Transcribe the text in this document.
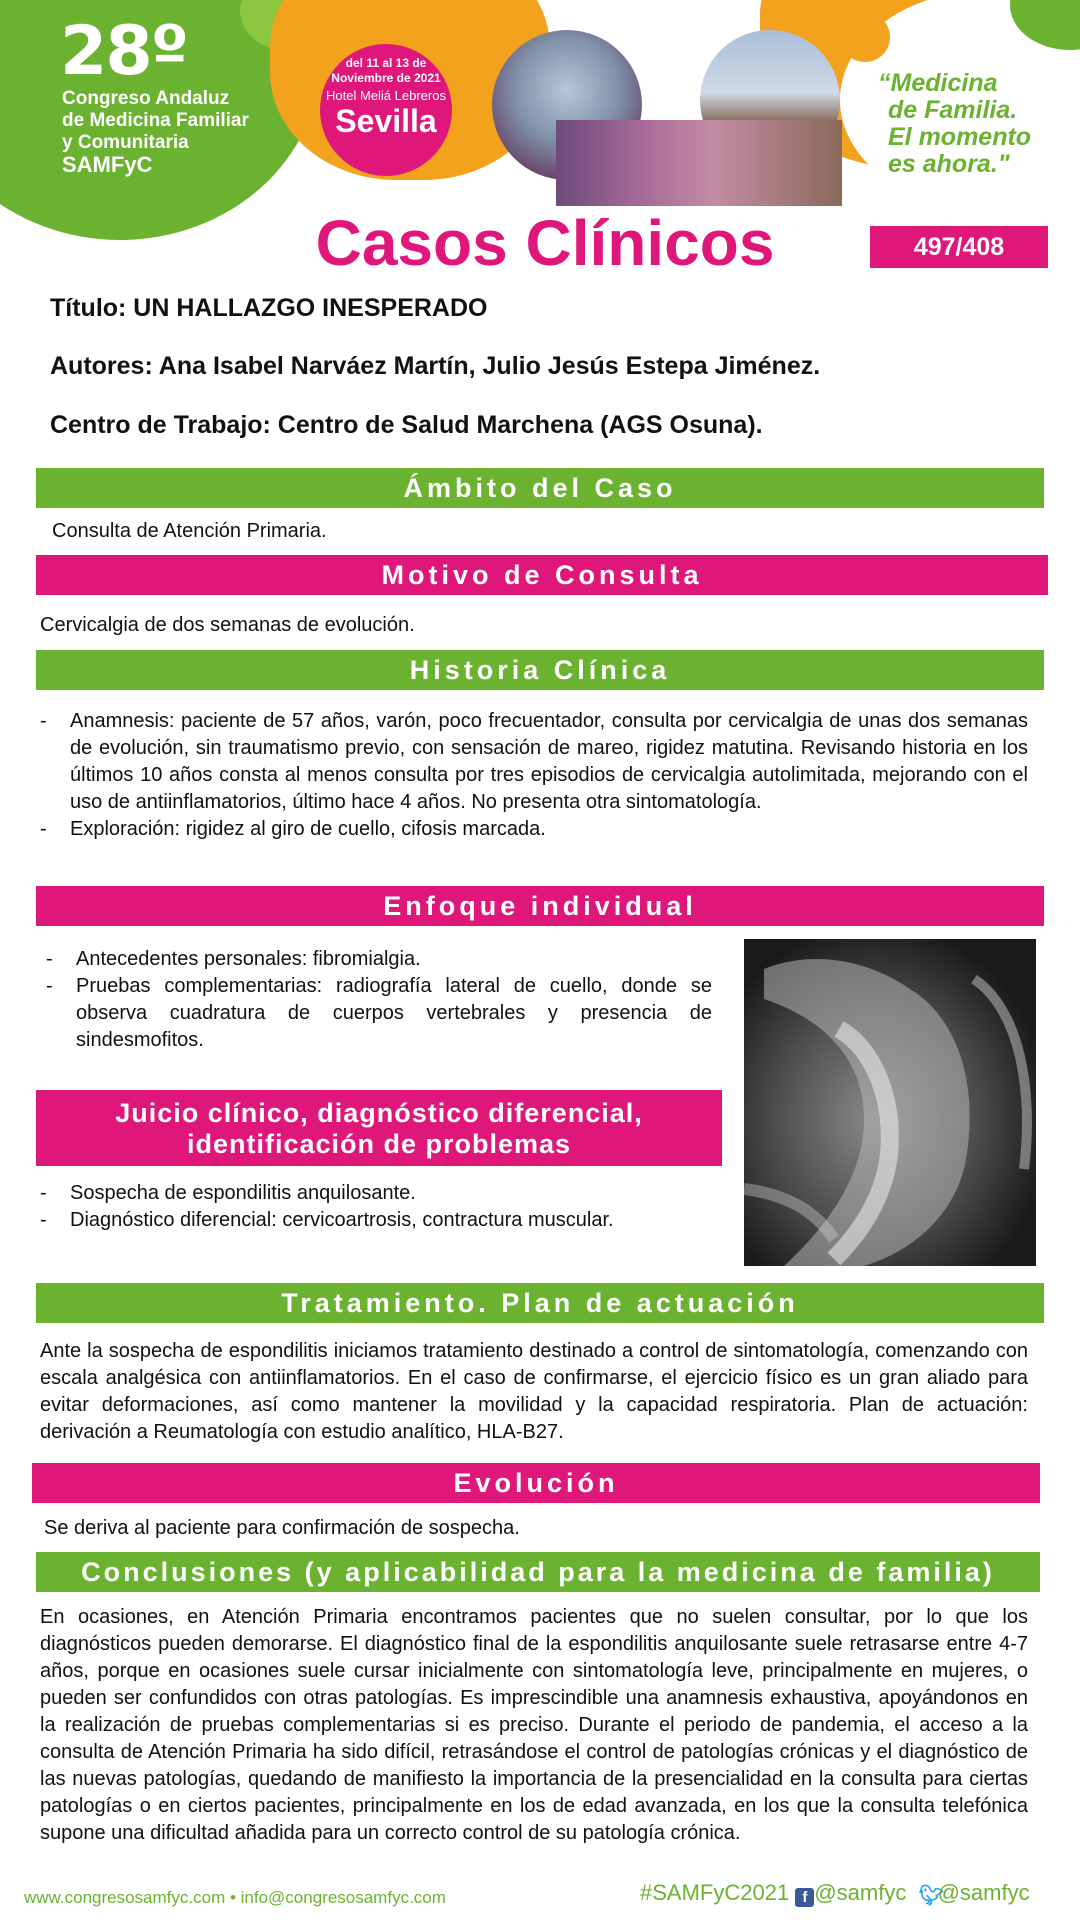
28º
Congreso Andaluz
de Medicina Familiar
y Comunitaria
SAMFyC
del 11 al 13 de
Noviembre de 2021
Hotel Meliá Lebreros
Sevilla
“Medicina
de Familia.
El momento
es ahora."
Casos Clínicos	497/408
Título: UN HALLAZGO INESPERADO
Autores: Ana Isabel Narváez Martín, Julio Jesús Estepa Jiménez.
Centro de Trabajo: Centro de Salud Marchena (AGS Osuna).
Ámbito del Caso
Consulta de Atención Primaria.
Motivo de Consulta
Cervicalgia de dos semanas de evolución.
Historia Clínica
- Anamnesis: paciente de 57 años, varón, poco frecuentador, consulta por cervicalgia de unas dos semanas de evolución, sin traumatismo previo, con sensación de mareo, rigidez matutina. Revisando historia en los últimos 10 años consta al menos consulta por tres episodios de cervicalgia autolimitada, mejorando con el uso de antiinflamatorios, último hace 4 años. No presenta otra sintomatología.
- Exploración: rigidez al giro de cuello, cifosis marcada.
Enfoque individual
- Antecedentes personales: fibromialgia.
- Pruebas complementarias: radiografía lateral de cuello, donde se observa cuadratura de cuerpos vertebrales y presencia de sindesmofitos.
Juicio clínico, diagnóstico diferencial,
identificación de problemas
- Sospecha de espondilitis anquilosante.
- Diagnóstico diferencial: cervicoartrosis, contractura muscular.
Tratamiento. Plan de actuación
Ante la sospecha de espondilitis iniciamos tratamiento destinado a control de sintomatología, comenzando con escala analgésica con antiinflamatorios. En el caso de confirmarse, el ejercicio físico es un gran aliado para evitar deformaciones, así como mantener la movilidad y la capacidad respiratoria. Plan de actuación: derivación a Reumatología con estudio analítico, HLA-B27.
Evolución
Se deriva al paciente para confirmación de sospecha.
Conclusiones (y aplicabilidad para la medicina de familia)
En ocasiones, en Atención Primaria encontramos pacientes que no suelen consultar, por lo que los diagnósticos pueden demorarse. El diagnóstico final de la espondilitis anquilosante suele retrasarse entre 4-7 años, porque en ocasiones suele cursar inicialmente con sintomatología leve, principalmente en mujeres, o pueden ser confundidos con otras patologías. Es imprescindible una anamnesis exhaustiva, apoyándonos en la realización de pruebas complementarias si es preciso. Durante el periodo de pandemia, el acceso a la consulta de Atención Primaria ha sido difícil, retrasándose el control de patologías crónicas y el diagnóstico de las nuevas patologías, quedando de manifiesto la importancia de la presencialidad en la consulta para ciertas patologías o en ciertos pacientes, principalmente en los de edad avanzada, en los que la consulta telefónica supone una dificultad añadida para un correcto control de su patología crónica.
www.congresosamfyc.com • info@congresosamfyc.com	#SAMFyC2021 f @samfyc 🐦︎@samfyc
